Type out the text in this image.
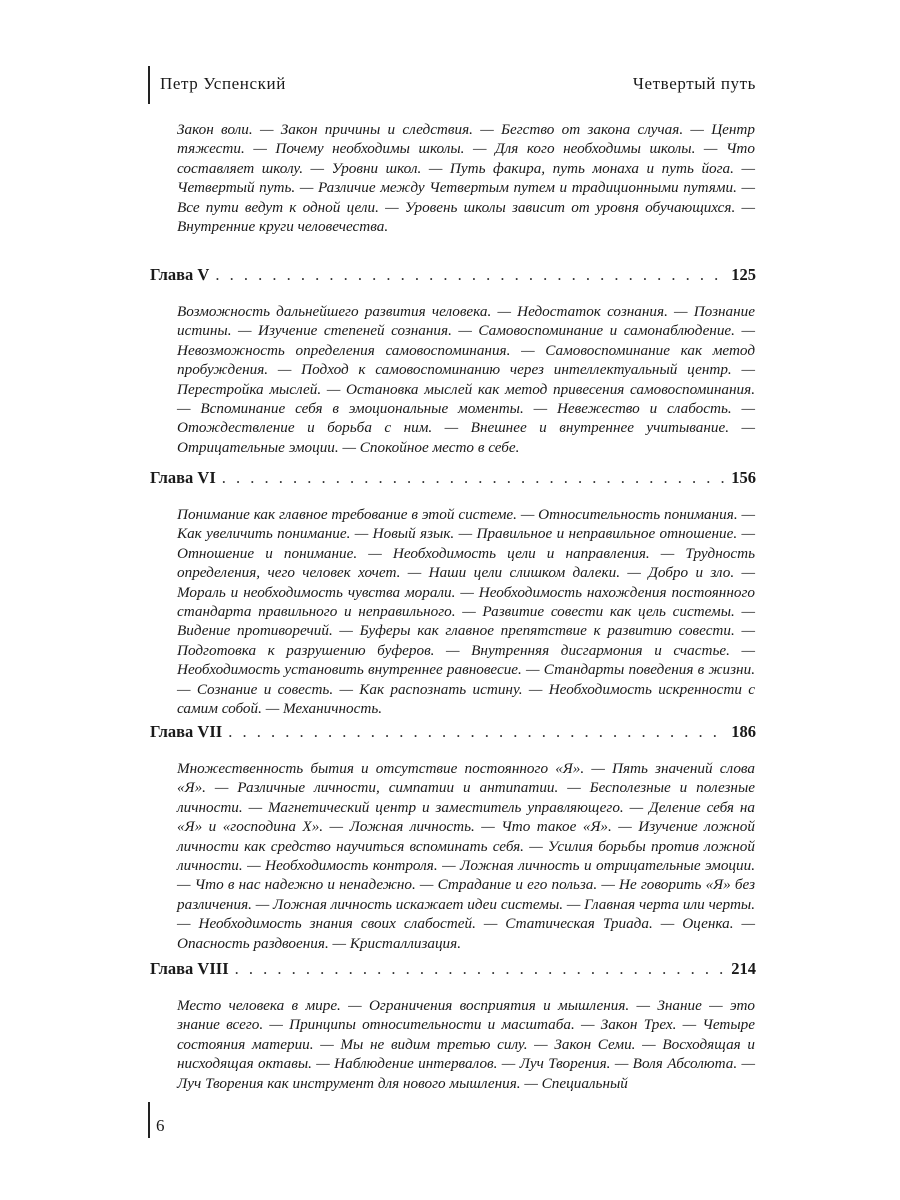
Петр Успенский	Четвертый путь

Закон воли. — Закон причины и следствия. — Бегство от закона случая. — Центр тяжести. — Почему необходимы школы. — Для кого необходимы школы. — Что составляет школу. — Уровни школ. — Путь факира, путь монаха и путь йога. — Четвертый путь. — Различие между Четвертым путем и традиционными путями. — Все пути ведут к одной цели. — Уровень школы зависит от уровня обучающихся. — Внутренние круги человечества.

Глава V . . .	125

Возможность дальнейшего развития человека. — Недостаток сознания. — Познание истины. — Изучение степеней сознания. — Самовоспоминание и самонаблюдение. — Невозможность определения самовоспоминания. — Самовоспоминание как метод пробуждения. — Подход к самовоспоминанию через интеллектуальный центр. — Перестройка мыслей. — Остановка мыслей как метод привесения самовоспоминания. — Вспоминание себя в эмоциональные моменты. — Невежество и слабость. — Отождествление и борьба с ним. — Внешнее и внутреннее учитывание. — Отрицательные эмоции. — Спокойное место в себе.

Глава VI . . .	156

Понимание как главное требование в этой системе. — Относительность понимания. — Как увеличить понимание. — Новый язык. — Правильное и неправильное отношение. — Отношение и понимание. — Необходимость цели и направления. — Трудность определения, чего человек хочет. — Наши цели слишком далеки. — Добро и зло. — Мораль и необходимость чувства морали. — Необходимость нахождения постоянного стандарта правильного и неправильного. — Развитие совести как цель системы. — Видение противоречий. — Буферы как главное препятствие к развитию совести. — Подготовка к разрушению буферов. — Внутренняя дисгармония и счастье. — Необходимость установить внутреннее равновесие. — Стандарты поведения в жизни. — Сознание и совесть. — Как распознать истину. — Необходимость искренности с самим собой. — Механичность.

Глава VII . . .	186

Множественность бытия и отсутствие постоянного «Я». — Пять значений слова «Я». — Различные личности, симпатии и антипатии. — Бесполезные и полезные личности. — Магнетический центр и заместитель управляющего. — Деление себя на «Я» и «господина Х». — Ложная личность. — Что такое «Я». — Изучение ложной личности как средство научиться вспоминать себя. — Усилия борьбы против ложной личности. — Необходимость контроля. — Ложная личность и отрицательные эмоции. — Что в нас надежно и ненадежно. — Страдание и его польза. — Не говорить «Я» без различения. — Ложная личность искажает идеи системы. — Главная черта или черты. — Необходимость знания своих слабостей. — Статическая Триада. — Оценка. — Опасность раздвоения. — Кристаллизация.

Глава VIII . . .	214

Место человека в мире. — Ограничения восприятия и мышления. — Знание — это знание всего. — Принципы относительности и масштаба. — Закон Трех. — Четыре состояния материи. — Мы не видим третью силу. — Закон Семи. — Восходящая и нисходящая октавы. — Наблюдение интервалов. — Луч Творения. — Воля Абсолюта. — Луч Творения как инструмент для нового мышления. — Специальный

6
